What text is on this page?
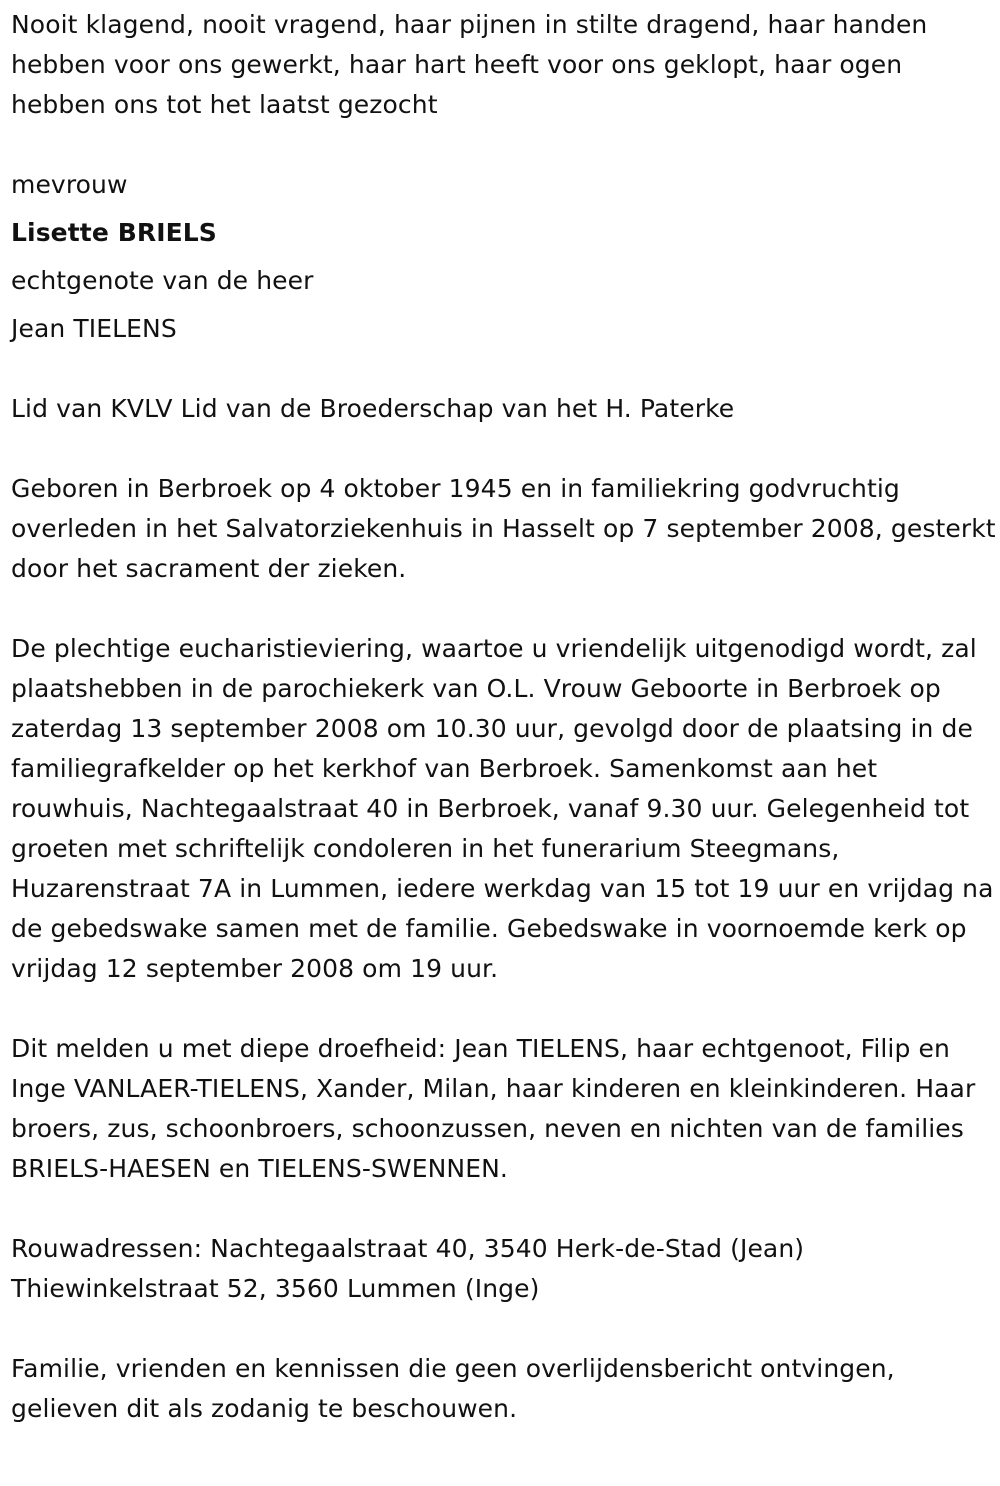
Nooit klagend, nooit vragend, haar pijnen in stilte dragend, haar handen hebben voor ons gewerkt, haar hart heeft voor ons geklopt, haar ogen hebben ons tot het laatst gezocht

mevrouw

Lisette BRIELS

echtgenote van de heer

Jean TIELENS

Lid van KVLV Lid van de Broederschap van het H. Paterke

Geboren in Berbroek op 4 oktober 1945 en in familiekring godvruchtig overleden in het Salvatorziekenhuis in Hasselt op 7 september 2008, gesterkt door het sacrament der zieken.

De plechtige eucharistieviering, waartoe u vriendelijk uitgenodigd wordt, zal plaatshebben in de parochiekerk van O.L. Vrouw Geboorte in Berbroek op zaterdag 13 september 2008 om 10.30 uur, gevolgd door de plaatsing in de familiegrafkelder op het kerkhof van Berbroek. Samenkomst aan het rouwhuis, Nachtegaalstraat 40 in Berbroek, vanaf 9.30 uur. Gelegenheid tot groeten met schriftelijk condoleren in het funerarium Steegmans, Huzarenstraat 7A in Lummen, iedere werkdag van 15 tot 19 uur en vrijdag na de gebedswake samen met de familie. Gebedswake in voornoemde kerk op vrijdag 12 september 2008 om 19 uur.

Dit melden u met diepe droefheid: Jean TIELENS, haar echtgenoot, Filip en Inge VANLAER-TIELENS, Xander, Milan, haar kinderen en kleinkinderen. Haar broers, zus, schoonbroers, schoonzussen, neven en nichten van de families BRIELS-HAESEN en TIELENS-SWENNEN.

Rouwadressen: Nachtegaalstraat 40, 3540 Herk-de-Stad (Jean)

Thiewinkelstraat 52, 3560 Lummen (Inge)

Familie, vrienden en kennissen die geen overlijdensbericht ontvingen, gelieven dit als zodanig te beschouwen.
